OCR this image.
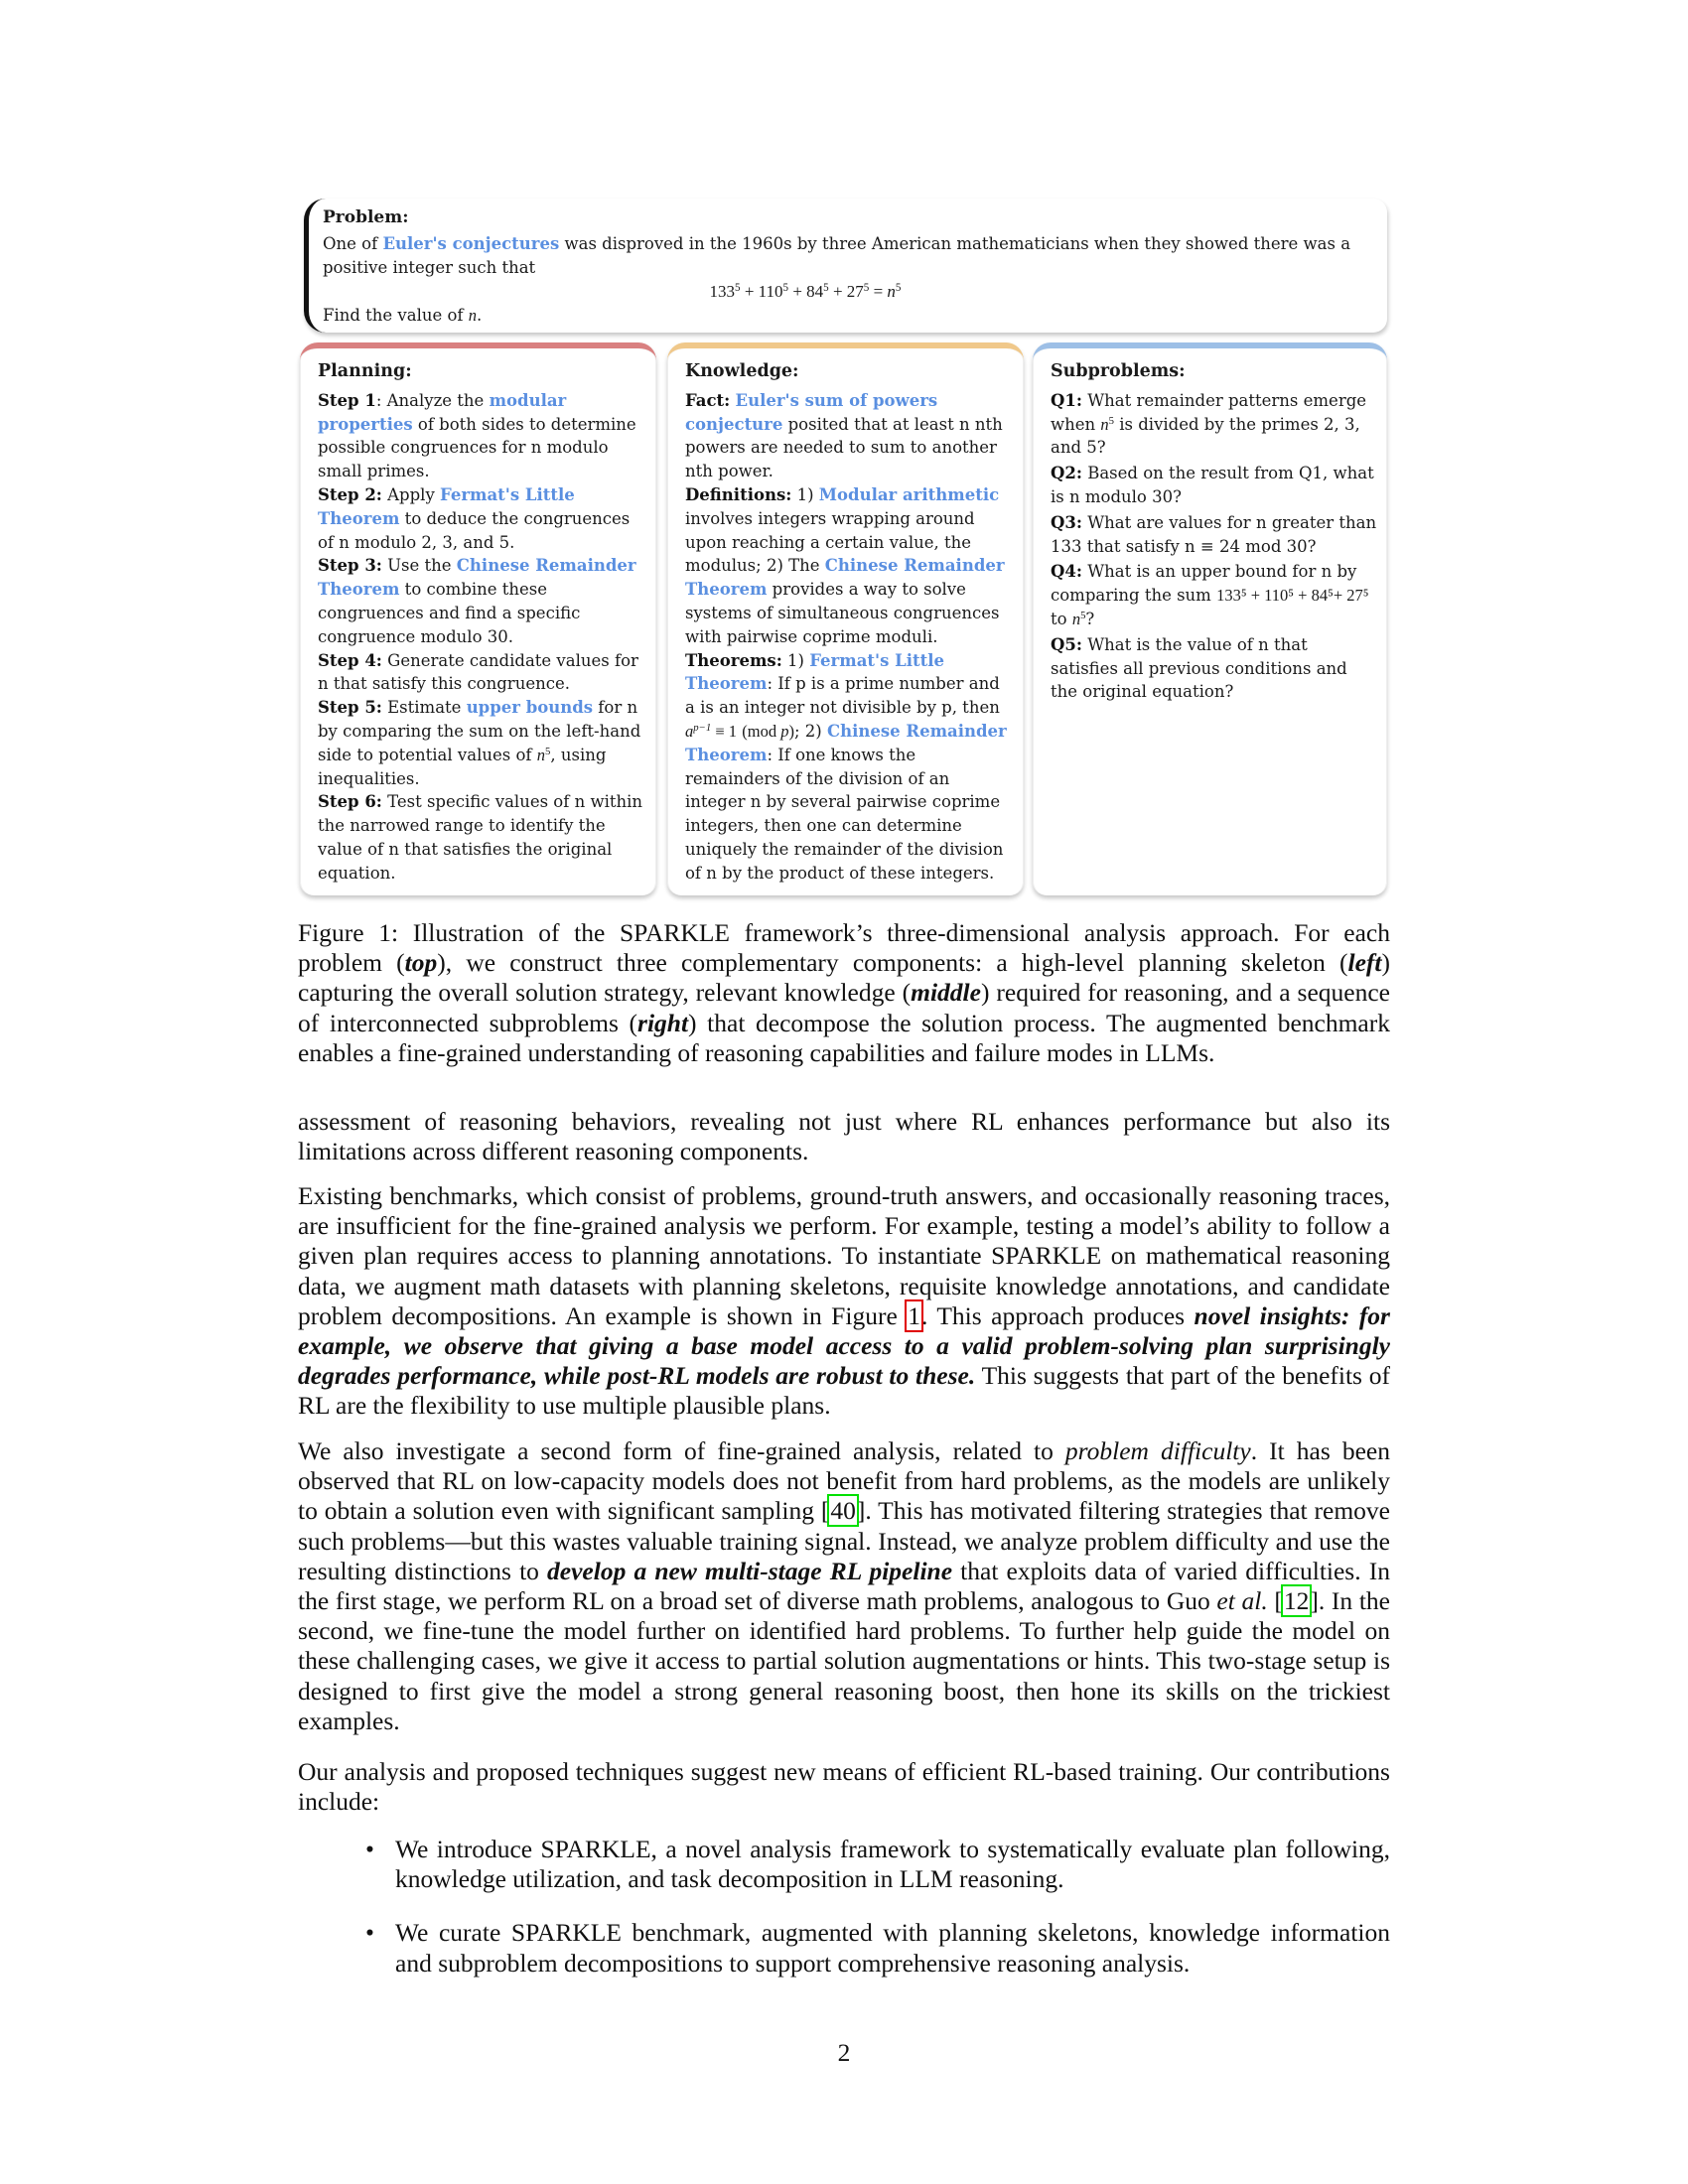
Problem:
One of Euler's conjectures was disproved in the 1960s by three American mathematicians when they showed there was a positive integer such that
$133^5 + 110^5 + 84^5 + 27^5 = n^5$
Find the value of n.
Planning:
Step 1: Analyze the modular properties of both sides to determine possible congruences for n modulo small primes.
Step 2: Apply Fermat's Little Theorem to deduce the congruences of n modulo 2, 3, and 5.
Step 3: Use the Chinese Remainder Theorem to combine these congruences and find a specific congruence modulo 30.
Step 4: Generate candidate values for n that satisfy this congruence.
Step 5: Estimate upper bounds for n by comparing the sum on the left-hand side to potential values of $n^5$, using inequalities.
Step 6: Test specific values of n within the narrowed range to identify the value of n that satisfies the original equation.
Knowledge:
Fact: Euler's sum of powers conjecture posited that at least n nth powers are needed to sum to another nth power.
Definitions: 1) Modular arithmetic involves integers wrapping around upon reaching a certain value, the modulus; 2) The Chinese Remainder Theorem provides a way to solve systems of simultaneous congruences with pairwise coprime moduli.
Theorems: 1) Fermat's Little Theorem: If p is a prime number and a is an integer not divisible by p, then $a^{p-1} \equiv 1$ (mod p); 2) Chinese Remainder Theorem: If one knows the remainders of the division of an integer n by several pairwise coprime integers, then one can determine uniquely the remainder of the division of n by the product of these integers.
Subproblems:
Q1: What remainder patterns emerge when $n^5$ is divided by the primes 2, 3, and 5?
Q2: Based on the result from Q1, what is n modulo 30?
Q3: What are values for n greater than 133 that satisfy n ≡ 24 mod 30?
Q4: What is an upper bound for n by comparing the sum 133⁵ + 110⁵ + 84⁵+ 27⁵ to $n^5$?
Q5: What is the value of n that satisfies all previous conditions and the original equation?
Figure 1: Illustration of the SPARKLE framework’s three-dimensional analysis approach. For each problem (top), we construct three complementary components: a high-level planning skeleton (left) capturing the overall solution strategy, relevant knowledge (middle) required for reasoning, and a sequence of interconnected subproblems (right) that decompose the solution process. The augmented benchmark enables a fine-grained understanding of reasoning capabilities and failure modes in LLMs.

assessment of reasoning behaviors, revealing not just where RL enhances performance but also its limitations across different reasoning components.

Existing benchmarks, which consist of problems, ground-truth answers, and occasionally reasoning traces, are insufficient for the fine-grained analysis we perform. For example, testing a model’s ability to follow a given plan requires access to planning annotations. To instantiate SPARKLE on mathematical reasoning data, we augment math datasets with planning skeletons, requisite knowledge annotations, and candidate problem decompositions. An example is shown in Figure 1. This approach produces novel insights: for example, we observe that giving a base model access to a valid problem-solving plan surprisingly degrades performance, while post-RL models are robust to these. This suggests that part of the benefits of RL are the flexibility to use multiple plausible plans.

We also investigate a second form of fine-grained analysis, related to problem difficulty. It has been observed that RL on low-capacity models does not benefit from hard problems, as the models are unlikely to obtain a solution even with significant sampling [40]. This has motivated filtering strategies that remove such problems—but this wastes valuable training signal. Instead, we analyze problem difficulty and use the resulting distinctions to develop a new multi-stage RL pipeline that exploits data of varied difficulties. In the first stage, we perform RL on a broad set of diverse math problems, analogous to Guo et al. [12]. In the second, we fine-tune the model further on identified hard problems. To further help guide the model on these challenging cases, we give it access to partial solution augmentations or hints. This two-stage setup is designed to first give the model a strong general reasoning boost, then hone its skills on the trickiest examples.

Our analysis and proposed techniques suggest new means of efficient RL-based training. Our contributions include:

• We introduce SPARKLE, a novel analysis framework to systematically evaluate plan following, knowledge utilization, and task decomposition in LLM reasoning.
• We curate SPARKLE benchmark, augmented with planning skeletons, knowledge information and subproblem decompositions to support comprehensive reasoning analysis.
2
